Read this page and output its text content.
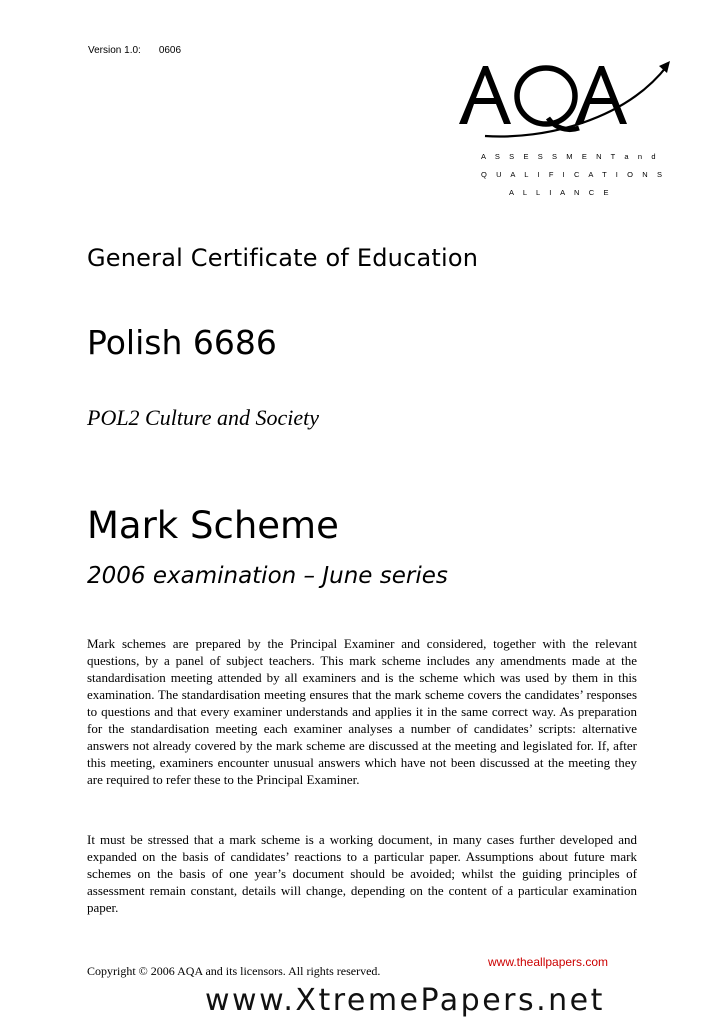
Version 1.0: 0606
A S S E S S M E N T a n d
Q U A L I F I C A T I O N S
A L L I A N C E
General Certificate of Education
Polish 6686
POL2 Culture and Society
Mark Scheme
2006 examination – June series

Mark schemes are prepared by the Principal Examiner and considered, together with the relevant questions, by a panel of subject teachers. This mark scheme includes any amendments made at the standardisation meeting attended by all examiners and is the scheme which was used by them in this examination. The standardisation meeting ensures that the mark scheme covers the candidates’ responses to questions and that every examiner understands and applies it in the same correct way. As preparation for the standardisation meeting each examiner analyses a number of candidates’ scripts: alternative answers not already covered by the mark scheme are discussed at the meeting and legislated for. If, after this meeting, examiners encounter unusual answers which have not been discussed at the meeting they are required to refer these to the Principal Examiner.

It must be stressed that a mark scheme is a working document, in many cases further developed and expanded on the basis of candidates’ reactions to a particular paper. Assumptions about future mark schemes on the basis of one year’s document should be avoided; whilst the guiding principles of assessment remain constant, details will change, depending on the content of a particular examination paper.

www.theallpapers.com
Copyright © 2006 AQA and its licensors. All rights reserved.
www.XtremePapers.net
